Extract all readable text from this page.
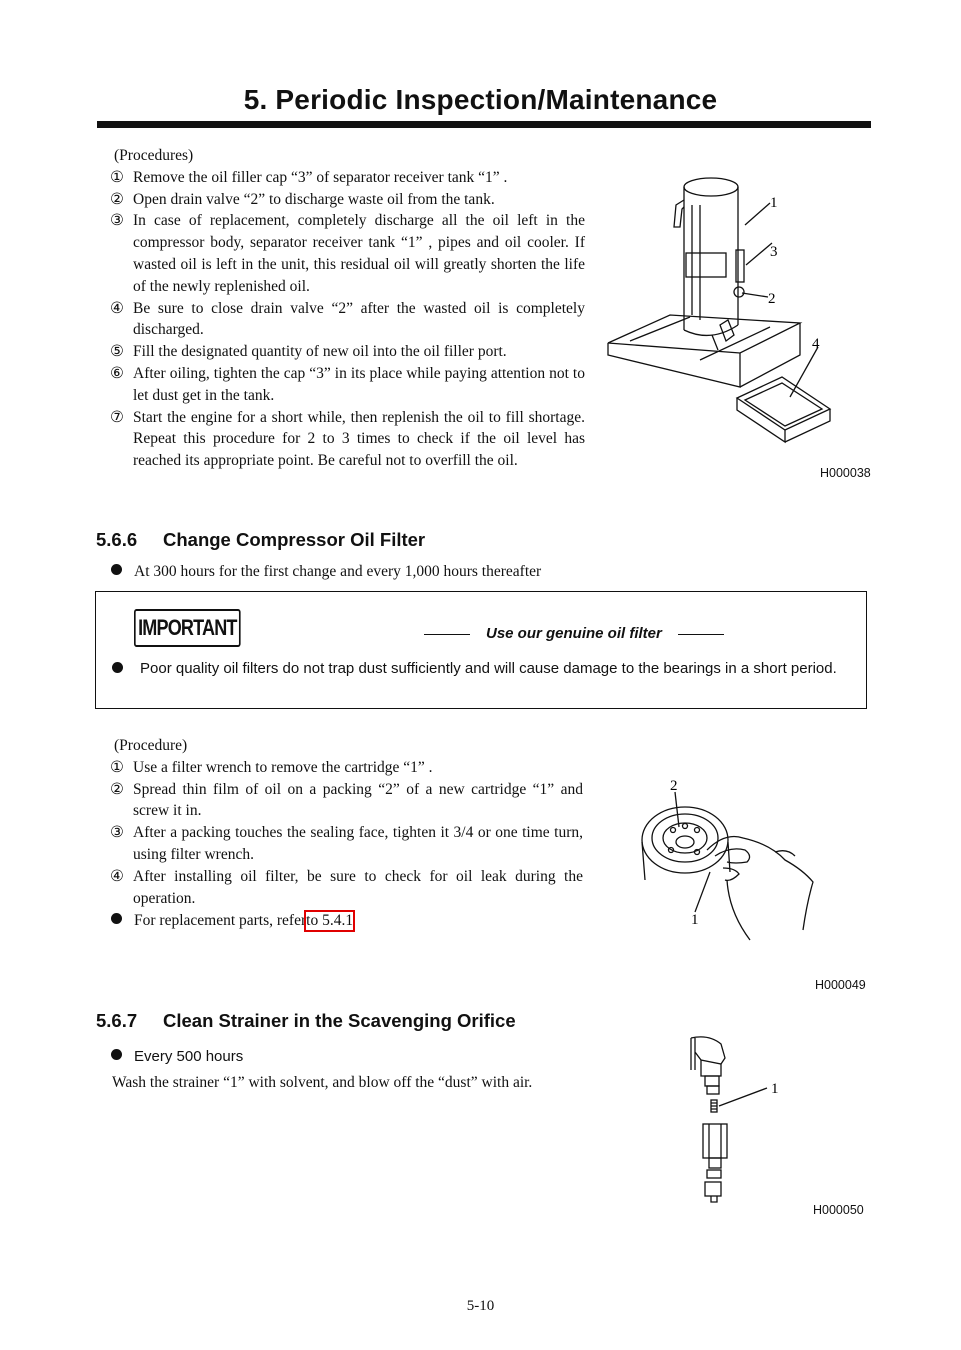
5. Periodic Inspection/Maintenance
(Procedures)
① Remove the oil filler cap “3” of separator receiver tank “1” .
② Open drain valve “2” to discharge waste oil from the tank.
③ In case of replacement, completely discharge all the oil left in the compressor body, separator receiver tank “1” , pipes and oil cooler. If wasted oil is left in the unit, this residual oil will greatly shorten the life of the newly replenished oil.
④ Be sure to close drain valve “2” after the wasted oil is completely discharged.
⑤ Fill the designated quantity of new oil into the oil filler port.
⑥ After oiling, tighten the cap “3” in its place while paying attention not to let dust get in the tank.
⑦ Start the engine for a short while, then replenish the oil to fill shortage. Repeat this procedure for 2 to 3 times to check if the oil level has reached its appropriate point. Be careful not to overfill the oil.
1
3
2
4
H000038
5.6.6 Change Compressor Oil Filter
At 300 hours for the first change and every 1,000 hours thereafter
IMPORTANT	Use our genuine oil filter
Poor quality oil filters do not trap dust sufficiently and will cause damage to the bearings in a short period.
(Procedure)
① Use a filter wrench to remove the cartridge “1” .
② Spread thin film of oil on a packing “2” of a new cartridge “1” and screw it in.
③ After a packing touches the sealing face, tighten it 3/4 or one time turn, using filter wrench.
④ After installing oil filter, be sure to check for oil leak during the operation.
For replacement parts, refer to 5.4.1
2
1
H000049
5.6.7 Clean Strainer in the Scavenging Orifice
Every 500 hours
Wash the strainer “1” with solvent, and blow off the “dust” with air.	1
H000050
5-10
